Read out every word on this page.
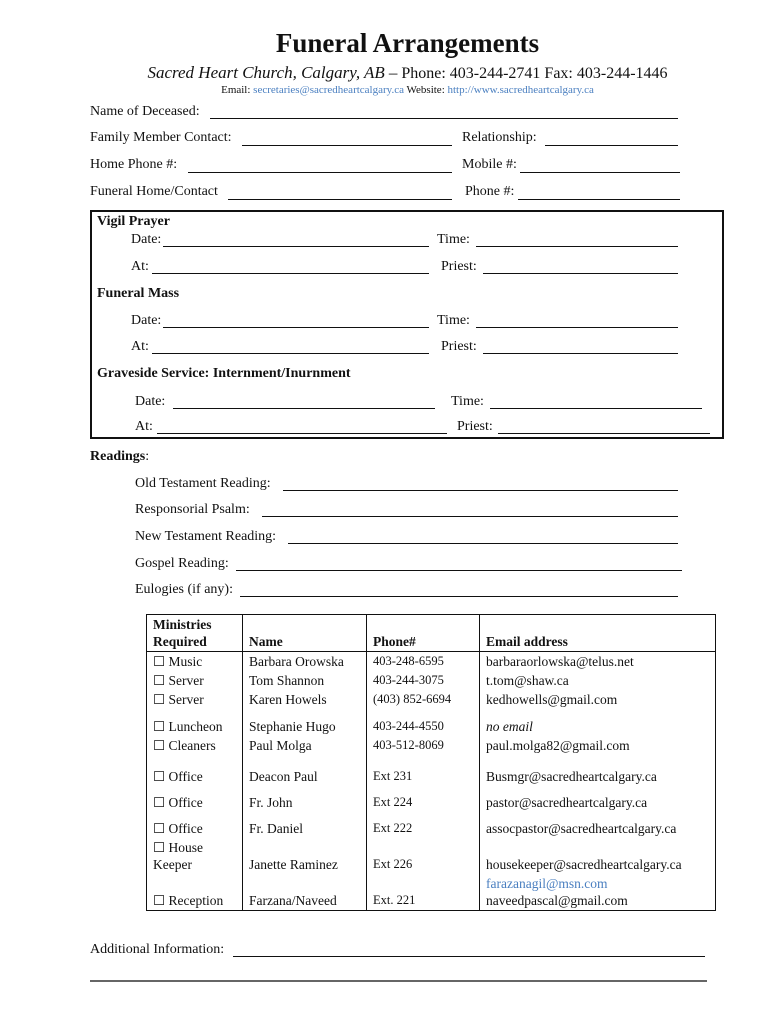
Funeral Arrangements
Sacred Heart Church, Calgary, AB – Phone: 403-244-2741 Fax: 403-244-1446
Email: secretaries@sacredheartcalgary.ca Website: http://www.sacredheartcalgary.ca
Name of Deceased:
Family Member Contact:	Relationship:
Home Phone #:	Mobile #:
Funeral Home/Contact	Phone #:
Vigil Prayer
Date:	Time:
At:	Priest:
Funeral Mass
Date:	Time:
At:	Priest:
Graveside Service: Internment/Inurnment
Date:	Time:
At:	Priest:
Readings:
Old Testament Reading:
Responsorial Psalm:
New Testament Reading:
Gospel Reading:
Eulogies (if any):
Ministries
Required	Name	Phone#	Email address
☐ Music	Barbara Orowska	403-248-6595	barbaraorlowska@telus.net
☐ Server	Tom Shannon	403-244-3075	t.tom@shaw.ca
☐ Server	Karen Howels	(403) 852-6694	kedhowells@gmail.com
☐ Luncheon	Stephanie Hugo	403-244-4550	no email
☐ Cleaners	Paul Molga	403-512-8069	paul.molga82@gmail.com
☐ Office	Deacon Paul	Ext 231	Busmgr@sacredheartcalgary.ca
☐ Office	Fr. John	Ext 224	pastor@sacredheartcalgary.ca
☐ Office	Fr. Daniel	Ext 222	assocpastor@sacredheartcalgary.ca
☐ House
Keeper	Janette Raminez	Ext 226	housekeeper@sacredheartcalgary.ca
☐ Reception	Farzana/Naveed	Ext. 221	farazanagil@msn.com
naveedpascal@gmail.com
Additional Information:
